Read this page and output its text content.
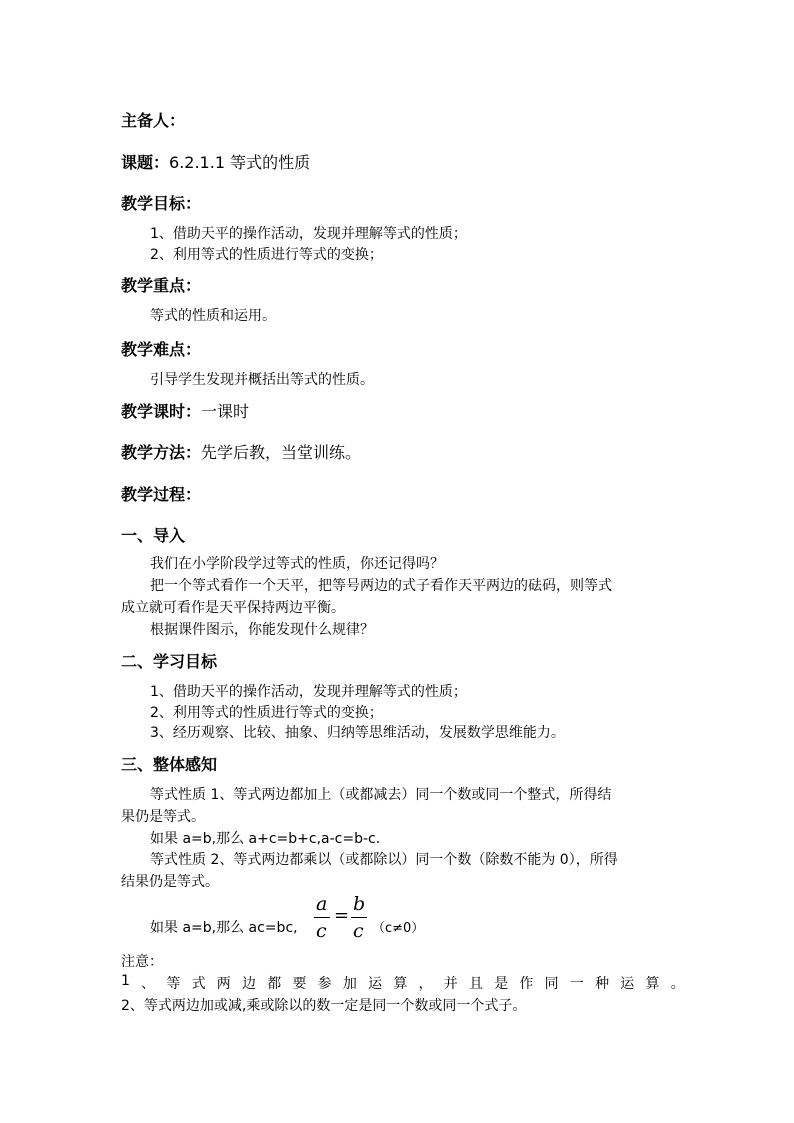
主备人：
课题：6.2.1.1 等式的性质
教学目标：
1、借助天平的操作活动，发现并理解等式的性质；
2、利用等式的性质进行等式的变换；
教学重点：
等式的性质和运用。
教学难点：
引导学生发现并概括出等式的性质。
教学课时：一课时
教学方法：先学后教，当堂训练。
教学过程：
一、导入
我们在小学阶段学过等式的性质，你还记得吗？
把一个等式看作一个天平，把等号两边的式子看作天平两边的砝码，则等式
成立就可看作是天平保持两边平衡。
根据课件图示，你能发现什么规律？
二、学习目标
1、借助天平的操作活动，发现并理解等式的性质；
2、利用等式的性质进行等式的变换；
3、经历观察、比较、抽象、归纳等思维活动，发展数学思维能力。
三、整体感知
等式性质 1、等式两边都加上（或都减去）同一个数或同一个整式，所得结
果仍是等式。
如果 a=b,那么 a+c=b+c,a-c=b-c.
等式性质 2、等式两边都乘以（或都除以）同一个数（除数不能为 0），所得
结果仍是等式。
如果 a=b,那么 ac=bc,
a
c
=
b
c （c≠0）
注意：
1 、 等 式 两 边 都 要 参 加 运 算 ， 并 且 是 作 同 一 种 运 算 。
2、等式两边加或减,乘或除以的数一定是同一个数或同一个式子。
